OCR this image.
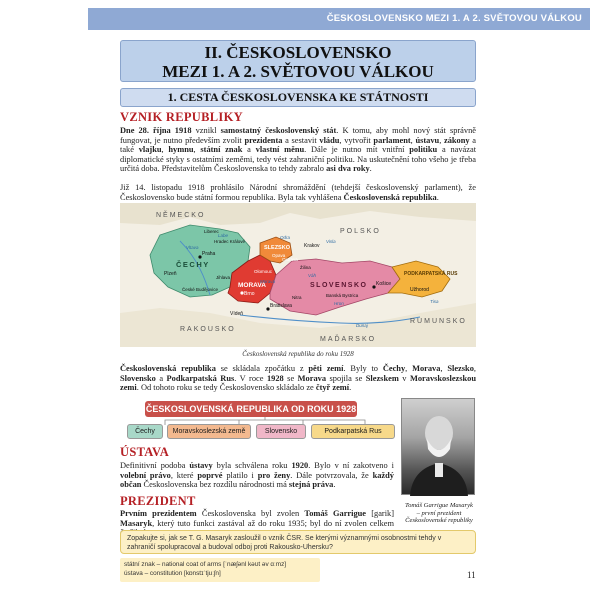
ČESKOSLOVENSKO MEZI 1. A 2. SVĚTOVOU VÁLKOU
II. ČESKOSLOVENSKO
MEZI 1. A 2. SVĚTOVOU VÁLKOU
1. CESTA ČESKOSLOVENSKA KE STÁTNOSTI
VZNIK REPUBLIKY
Dne 28. října 1918 vznikl samostatný československý stát. K tomu, aby mohl nový stát správně fungovat, je nutno především zvolit prezidenta a sestavit vládu, vytvořit parlament, ústavu, zákony a také vlajku, hymnu, státní znak a vlastní měnu. Dále je nutno mít vnitřní politiku a navázat diplomatické styky s ostatními zeměmi, tedy vést zahraniční politiku. Na uskutečnění toho všeho je třeba určitá doba. Představitelům Československa to tehdy zabralo asi dva roky.
Již 14. listopadu 1918 prohlásilo Národní shromáždění (tehdejší československý parlament), že Československo bude státní formou republika. Byla tak vyhlášena Československá republika.
NĚMECKO
POLSKO
RAKOUSKO
MAĎARSKO
RUMUNSKO
ČECHY
MORAVA
SLEZSKO
SLOVENSKO
PODKARPATSKÁ RUS
Praha
Brno
Plzeň
Bratislava
Košice
Užhorod
Krakov
Vídeň
Hradec Králové
Olomouc
Opava
Ostrava
Žilina
Nitra	Banská Bystrica
České Budějovice
Jihlava
Liberec
Dunaj
Vltava
Labe
Morava
Odra
Visla
Váh
Hron	Tisa
Československá republika do roku 1928
Československá republika se skládala zpočátku z pěti zemí. Byly to Čechy, Morava, Slezsko, Slovensko a Podkarpatská Rus. V roce 1928 se Morava spojila se Slezskem v Moravskoslezskou zemi. Od tohoto roku se tedy Československo skládalo ze čtyř zemí.
ČESKOSLOVENSKÁ REPUBLIKA OD ROKU 1928
Čechy	Moravskoslezská země	Slovensko	Podkarpatská Rus
ÚSTAVA
Definitivní podoba ústavy byla schválena roku 1920. Bylo v ní zakotveno i volební právo, které poprvé platilo i pro ženy. Dále potvrzovala, že každý občan Československa bez rozdílu národnosti má stejná práva.
PREZIDENT
Prvním prezidentem Československa byl zvolen Tomáš Garrigue [garik] Masaryk, který tuto funkci zastával až do roku 1935; byl do ní zvolen celkem
Tomáš Garrigue Masaryk
– první prezident
Československé republiky
Zopakujte si, jak se T. G. Masaryk zasloužil o vznik ČSR. Se kterými významnými osobnostmi tehdy v zahraničí spolupracoval a budoval odboj proti Rakousko-Uhersku?
státní znak – national coat of arms [ˈnæʃənl kəʊt əv ɑːmz]
ústava – constitution [kɒnstɪˈtjuːʃn]	11
